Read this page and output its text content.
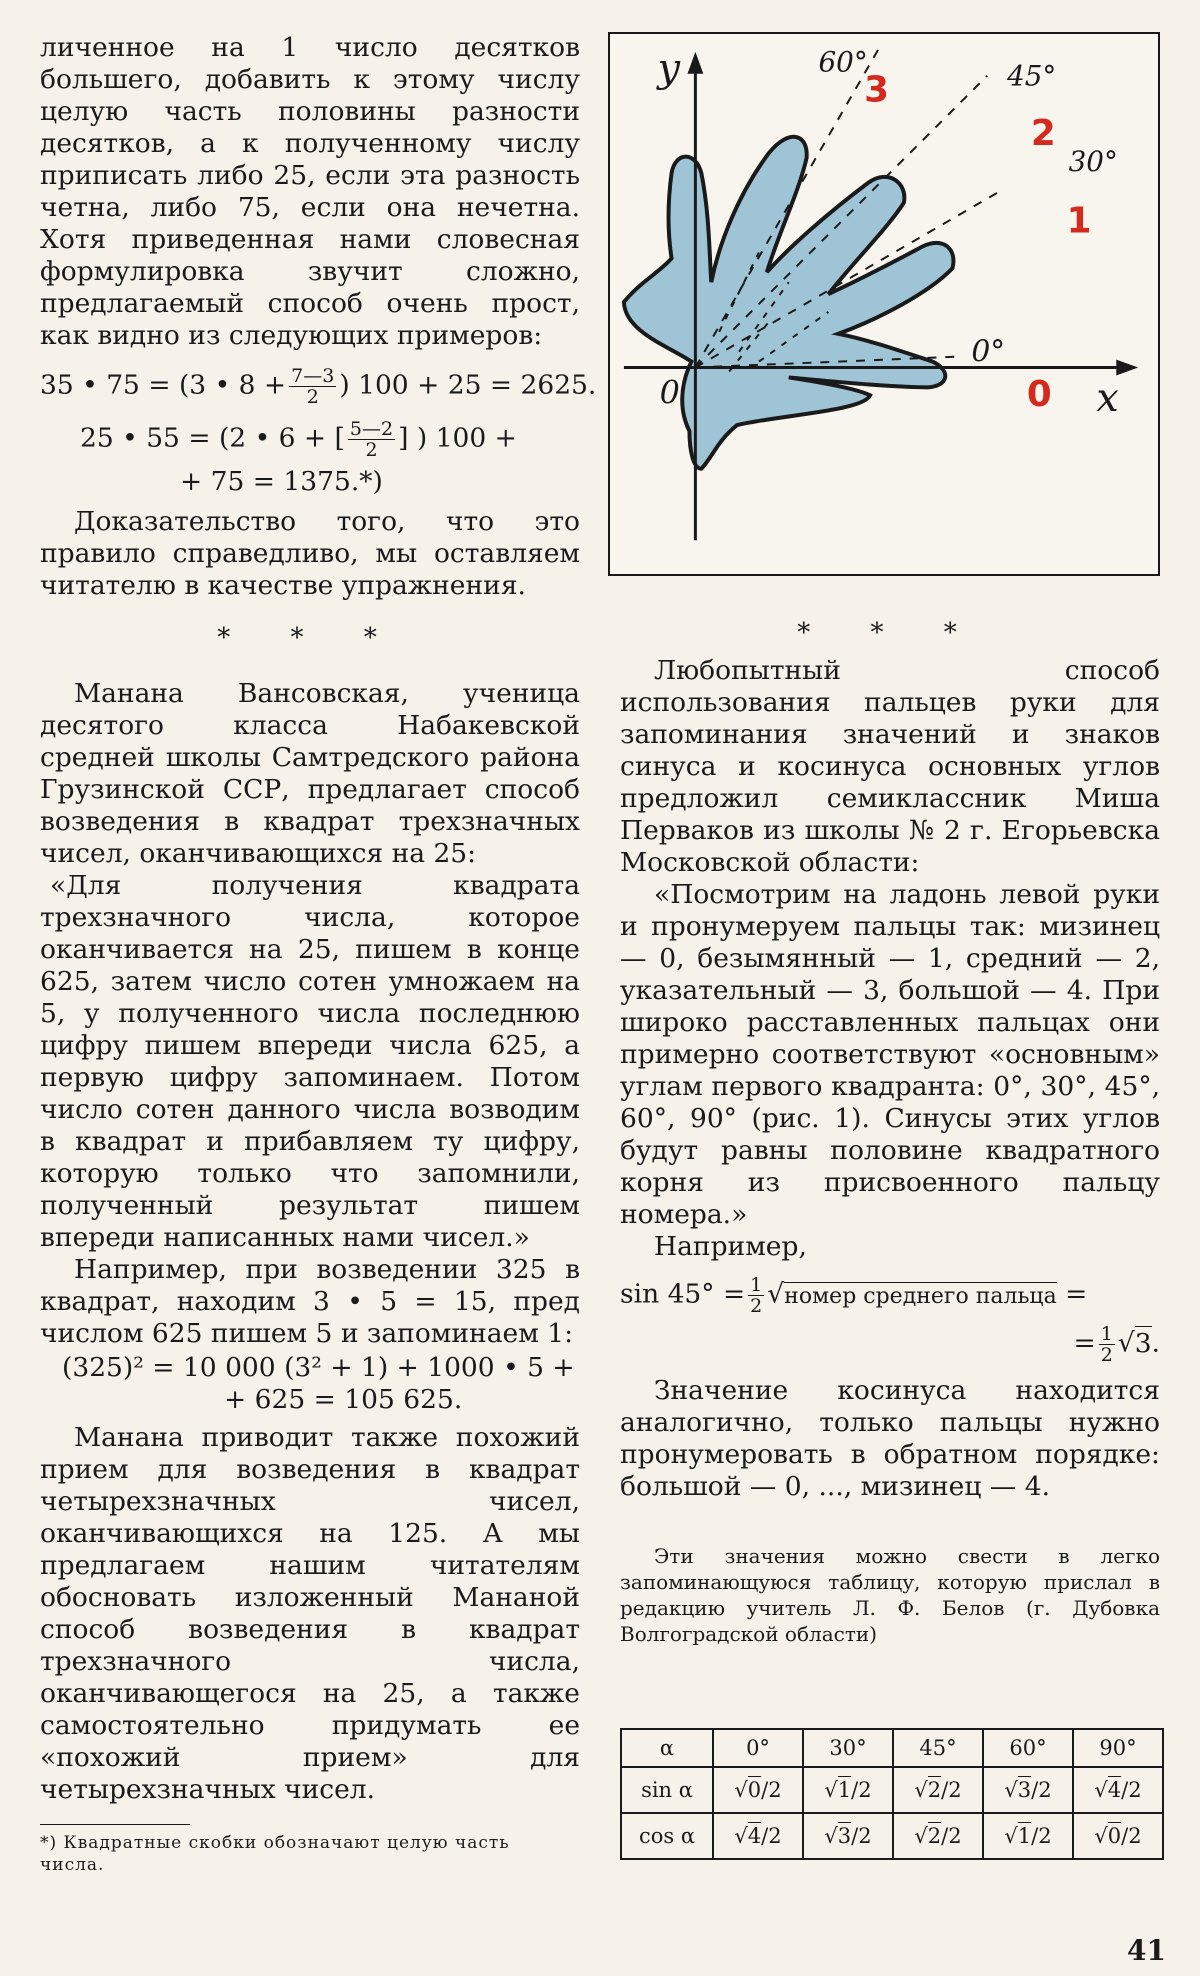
личенное на 1 число десятков большего, добавить к этому числу целую часть половины разности десятков, а к полученному числу приписать либо 25, если эта разность четна, либо 75, если она нечетна. Хотя приведенная нами словесная формулировка звучит сложно, предлагаемый способ очень прост, как видно из следующих примеров:

35 • 75 = (3 • $8 + \frac{7—3}{2}$ ) 100 + 25 = 2625.
25 • 55 = (2 • 6 + [ $\frac{5—2}{2}$ ] ) 100 +
+ 75 = 1375.*)

Доказательство того, что это правило справедливо, мы оставляем читателю в качестве упражнения.

* * *

Манана Вансовская, ученица десятого класса Набакевской средней школы Самтредского района Грузинской ССР, предлагает способ возведения в квадрат трехзначных чисел, оканчивающихся на 25:

«Для получения квадрата трехзначного числа, которое оканчивается на 25, пишем в конце 625, затем число сотен умножаем на 5, у полученного числа последнюю цифру пишем впереди числа 625, а первую цифру запоминаем. Потом число сотен данного числа возводим в квадрат и прибавляем ту цифру, которую только что запомнили, полученный результат пишем впереди написанных нами чисел.»

Например, при возведении 325 в квадрат, находим 3 • 5 = 15, пред числом 625 пишем 5 и запоминаем 1:

(325)² = 10 000 (3² + 1) + 1000 • 5 +
+ 625 = 105 625.

Манана приводит также похожий прием для возведения в квадрат четырехзначных чисел, оканчивающихся на 125. А мы предлагаем нашим читателям обосновать изложенный Мананой способ возведения в квадрат трехзначного числа, оканчивающегося на 25, а также самостоятельно придумать ее «похожий прием» для четырехзначных чисел.

*) Квадратные скобки обозначают целую часть числа.
y
x
0
0°
30°
45°
60°
0
1
2
3
* * *

Любопытный способ использования пальцев руки для запоминания значений и знаков синуса и косинуса основных углов предложил семиклассник Миша Перваков из школы № 2 г. Егорьевска Московской области:

«Посмотрим на ладонь левой руки и пронумеруем пальцы так: мизинец — 0, безымянный — 1, средний — 2, указательный — 3, большой — 4. При широко расставленных пальцах они примерно соответствуют «основным» углам первого квадранта: 0°, 30°, 45°, 60°, 90° (рис. 1). Синусы этих углов будут равны половине квадратного корня из присвоенного пальцу номера.»

Например,

$\sin 45^\circ = \frac{1}{2}$ √номер среднего пальца =
= $\frac{1}{2} √3$.

Значение косинуса находится аналогично, только пальцы нужно пронумеровать в обратном порядке: большой — 0, ..., мизинец — 4.

Эти значения можно свести в легко запоминающуюся таблицу, которую прислал в редакцию учитель Л. Ф. Белов (г. Дубовка Волгоградской области)

α	0°	30°	45°	60°	90°
sin α	√0/2	√1/2	√2/2	√3/2	√4/2
cos α	√4/2	√3/2	√2/2	√1/2	√0/2
41
